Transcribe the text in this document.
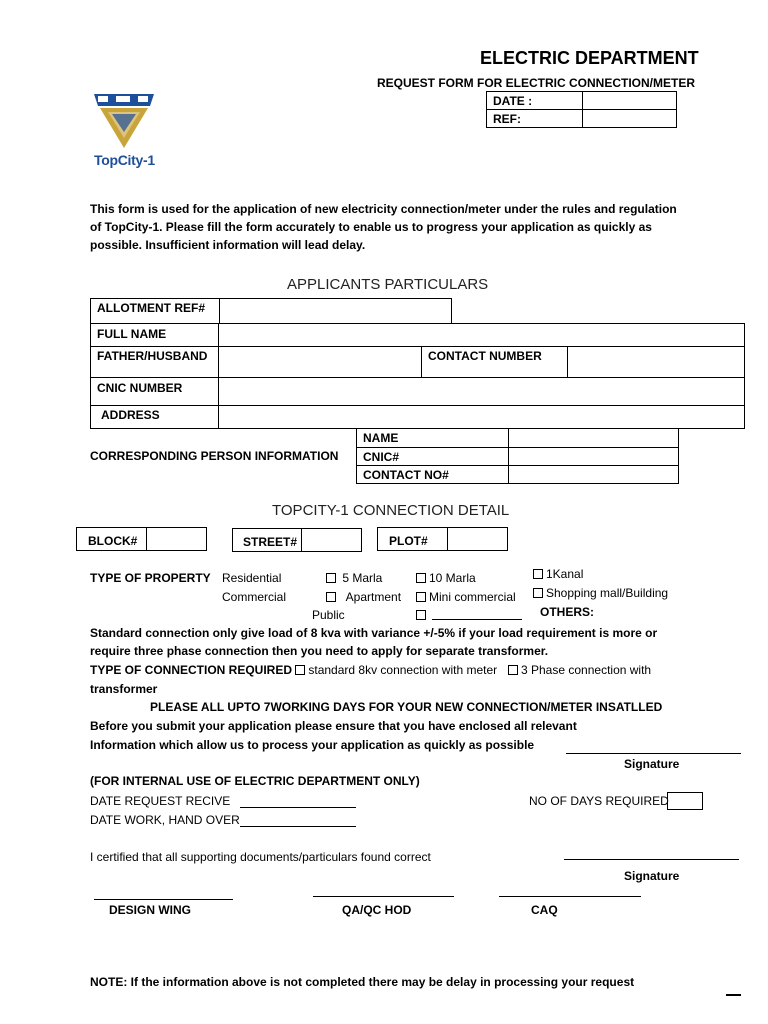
ELECTRIC DEPARTMENT
REQUEST FORM FOR ELECTRIC CONNECTION/METER
DATE :	
REF:	
TopCity-1
This form is used for the application of new electricity connection/meter under the rules and regulation
of TopCity-1. Please fill the form accurately to enable us to progress your application as quickly as
possible. Insufficient information will lead delay.
APPLICANTS PARTICULARS
ALLOTMENT REF#
FULL NAME
FATHER/HUSBAND	CONTACT NUMBER
CNIC NUMBER
ADDRESS
CORRESPONDING PERSON INFORMATION
NAME	
CNIC#	
CONTACT NO#	
TOPCITY-1 CONNECTION DETAIL
BLOCK#	STREET#	PLOT#
TYPE OF PROPERTY Residential
Commercial
Public
5 Marla
Apartment
10 Marla
Mini commercial
1Kanal
Shopping mall/Building
OTHERS:
Standard connection only give load of 8 kva with variance +/-5% if your load requirement is more or
require three phase connection then you need to apply for separate transformer.
TYPE OF CONNECTION REQUIRED standard 8kv connection with meter	3 Phase connection with
transformer
PLEASE ALL UPTO 7WORKING DAYS FOR YOUR NEW CONNECTION/METER INSATLLED
Before you submit your application please ensure that you have enclosed all relevant
Information which allow us to process your application as quickly as possible
Signature
(FOR INTERNAL USE OF ELECTRIC DEPARTMENT ONLY)
DATE REQUEST RECIVE
DATE WORK, HAND OVER
NO OF DAYS REQUIRED
I certified that all supporting documents/particulars found correct
Signature
DESIGN WING	QA/QC HOD	CAQ
NOTE: If the information above is not completed there may be delay in processing your request
